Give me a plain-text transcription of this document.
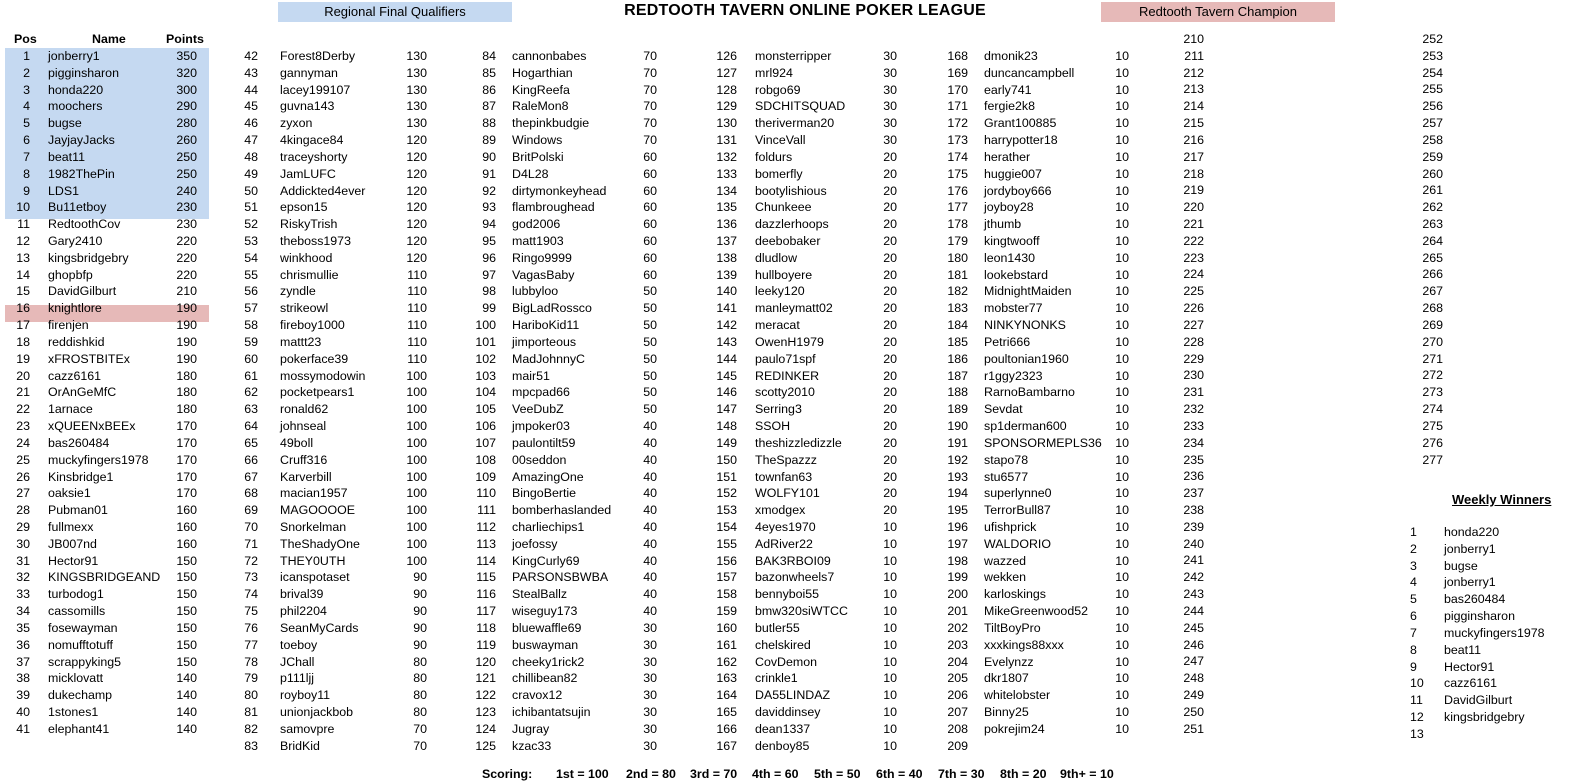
REDTOOTH TAVERN ONLINE POKER LEAGUE
Regional Final Qualifiers	Redtooth Tavern Champion
Pos	Name	Points
1 jonberry1	350
2 pigginsharon	320
3 honda220	300
4 moochers	290
5 bugse	280
6 JayjayJacks	260
7 beat11	250
8 1982ThePin	250
9 LDS1	240
10 Bu11etboy	230
11 RedtoothCov	230
12 Gary2410	220
13 kingsbridgebry	220
14 ghopbfp	220
15 DavidGilburt	210
16 knightlore	190
17 firenjen	190
18 reddishkid	190
19 xFROSTBITEx	190
20 cazz6161	180
21 OrAnGeMfC	180
22 1arnace	180
23 xQUEENxBEEx	170
24 bas260484	170
25 muckyfingers1978	170
26 Kinsbridge1	170
27 oaksie1	170
28 Pubman01	160
29 fullmexx	160
30 JB007nd	160
31 Hector91	150
32 KINGSBRIDGEAND	150
33 turbodog1	150
34 cassomills	150
35 fosewayman	150
36 nomufftotuff	150
37 scrappyking5	150
38 micklovatt	140
39 dukechamp	140
40 1stones1	140
41 elephant41	140
42 Forest8Derby	130
43 gannyman	130
44 lacey199107	130
45 guvna143	130
46 zyxon	130
47 4kingace84	120
48 traceyshorty	120
49 JamLUFC	120
50 Addickted4ever	120
51 epson15	120
52 RiskyTrish	120
53 theboss1973	120
54 winkhood	120
55 chrismullie	110
56 zyndle	110
57 strikeowl	110
58 fireboy1000	110
59 mattt23	110
60 pokerface39	110
61 mossymodowin	100
62 pocketpears1	100
63 ronald62	100
64 johnseal	100
65 49boll	100
66 Cruff316	100
67 Karverbill	100
68 macian1957	100
69 MAGOOOOE	100
70 Snorkelman	100
71 TheShadyOne	100
72 THEY0UTH	100
73 icanspotaset	90
74 brival39	90
75 phil2204	90
76 SeanMyCards	90
77 toeboy	90
78 JChall	80
79 p111ljj	80
80 royboy11	80
81 unionjackbob	80
82 samovpre	70
83 BridKid	70
84 cannonbabes	70
85 Hogarthian	70
86 KingReefa	70
87 RaleMon8	70
88 thepinkbudgie	70
89 Windows	70
90 BritPolski	60
91 D4L28	60
92 dirtymonkeyhead	60
93 flambroughead	60
94 god2006	60
95 matt1903	60
96 Ringo9999	60
97 VagasBaby	60
98 lubbyloo	50
99 BigLadRossco	50
100 HariboKid11	50
101 jimporteous	50
102 MadJohnnyC	50
103 mair51	50
104 mpcpad66	50
105 VeeDubZ	50
106 jmpoker03	40
107 paulontilt59	40
108 00seddon	40
109 AmazingOne	40
110 BingoBertie	40
111 bomberhaslanded	40
112 charliechips1	40
113 joefossy	40
114 KingCurly69	40
115 PARSONSBWBA	40
116 StealBallz	40
117 wiseguy173	40
118 bluewaffle69	30
119 buswayman	30
120 cheeky1rick2	30
121 chillibean82	30
122 cravox12	30
123 ichibantatsujin	30
124 Jugray	30
125 kzac33	30
126 monsterripper	30
127 mrl924	30
128 robgo69	30
129 SDCHITSQUAD	30
130 theriverman20	30
131 VinceVall	30
132 foldurs	20
133 bomerfly	20
134 bootylishious	20
135 Chunkeee	20
136 dazzlerhoops	20
137 deebobaker	20
138 dludlow	20
139 hullboyere	20
140 leeky120	20
141 manleymatt02	20
142 meracat	20
143 OwenH1979	20
144 paulo71spf	20
145 REDINKER	20
146 scotty2010	20
147 Serring3	20
148 SSOH	20
149 theshizzledizzle	20
150 TheSpazzz	20
151 townfan63	20
152 WOLFY101	20
153 xmodgex	20
154 4eyes1970	10
155 AdRiver22	10
156 BAK3RBOI09	10
157 bazonwheels7	10
158 bennyboi55	10
159 bmw320siWTCC	10
160 butler55	10
161 chelskired	10
162 CovDemon	10
163 crinkle1	10
164 DA55LINDAZ	10
165 daviddinsey	10
166 dean1337	10
167 denboy85	10
168 dmonik23	10
169 duncancampbell	10
170 early741	10
171 fergie2k8	10
172 Grant100885	10
173 harrypotter18	10
174 herather	10
175 huggie007	10
176 jordyboy666	10
177 joyboy28	10
178 jthumb	10
179 kingtwooff	10
180 leon1430	10
181 lookebstard	10
182 MidnightMaiden	10
183 mobster77	10
184 NINKYNONKS	10
185 Petri666	10
186 poultonian1960	10
187 r1ggy2323	10
188 RarnoBambarno	10
189 Sevdat	10
190 sp1derman600	10
191 SPONSORMEPLS36	10
192 stapo78	10
193 stu6577	10
194 superlynne0	10
195 TerrorBull87	10
196 ufishprick	10
197 WALDORIO	10
198 wazzed	10
199 wekken	10
200 karloskings	10
201 MikeGreenwood52	10
202 TiltBoyPro	10
203 xxxkings88xxx	10
204 Evelynzz	10
205 dkr1807	10
206 whitelobster	10
207 Binny25	10
208 pokrejim24	10
209
210
211
212
213
214
215
216
217
218
219
220
221
222
223
224
225
226
227
228
229
230
231
232
233
234
235
236
237
238
239
240
241
242
243
244
245
246
247
248
249
250
251
252
253
254
255
256
257
258
259
260
261
262
263
264
265
266
267
268
269
270
271
272
273
274
275
276
277
Weekly Winners
1 honda220
2 jonberry1
3 bugse
4 jonberry1
5 bas260484
6 pigginsharon
7 muckyfingers1978
8 beat11
9 Hector91
10 cazz6161
11 DavidGilburt
12 kingsbridgebry
13
Scoring: 1st = 100 2nd = 80 3rd = 70 4th = 60 5th = 50 6th = 40 7th = 30 8th = 20 9th+ = 10
